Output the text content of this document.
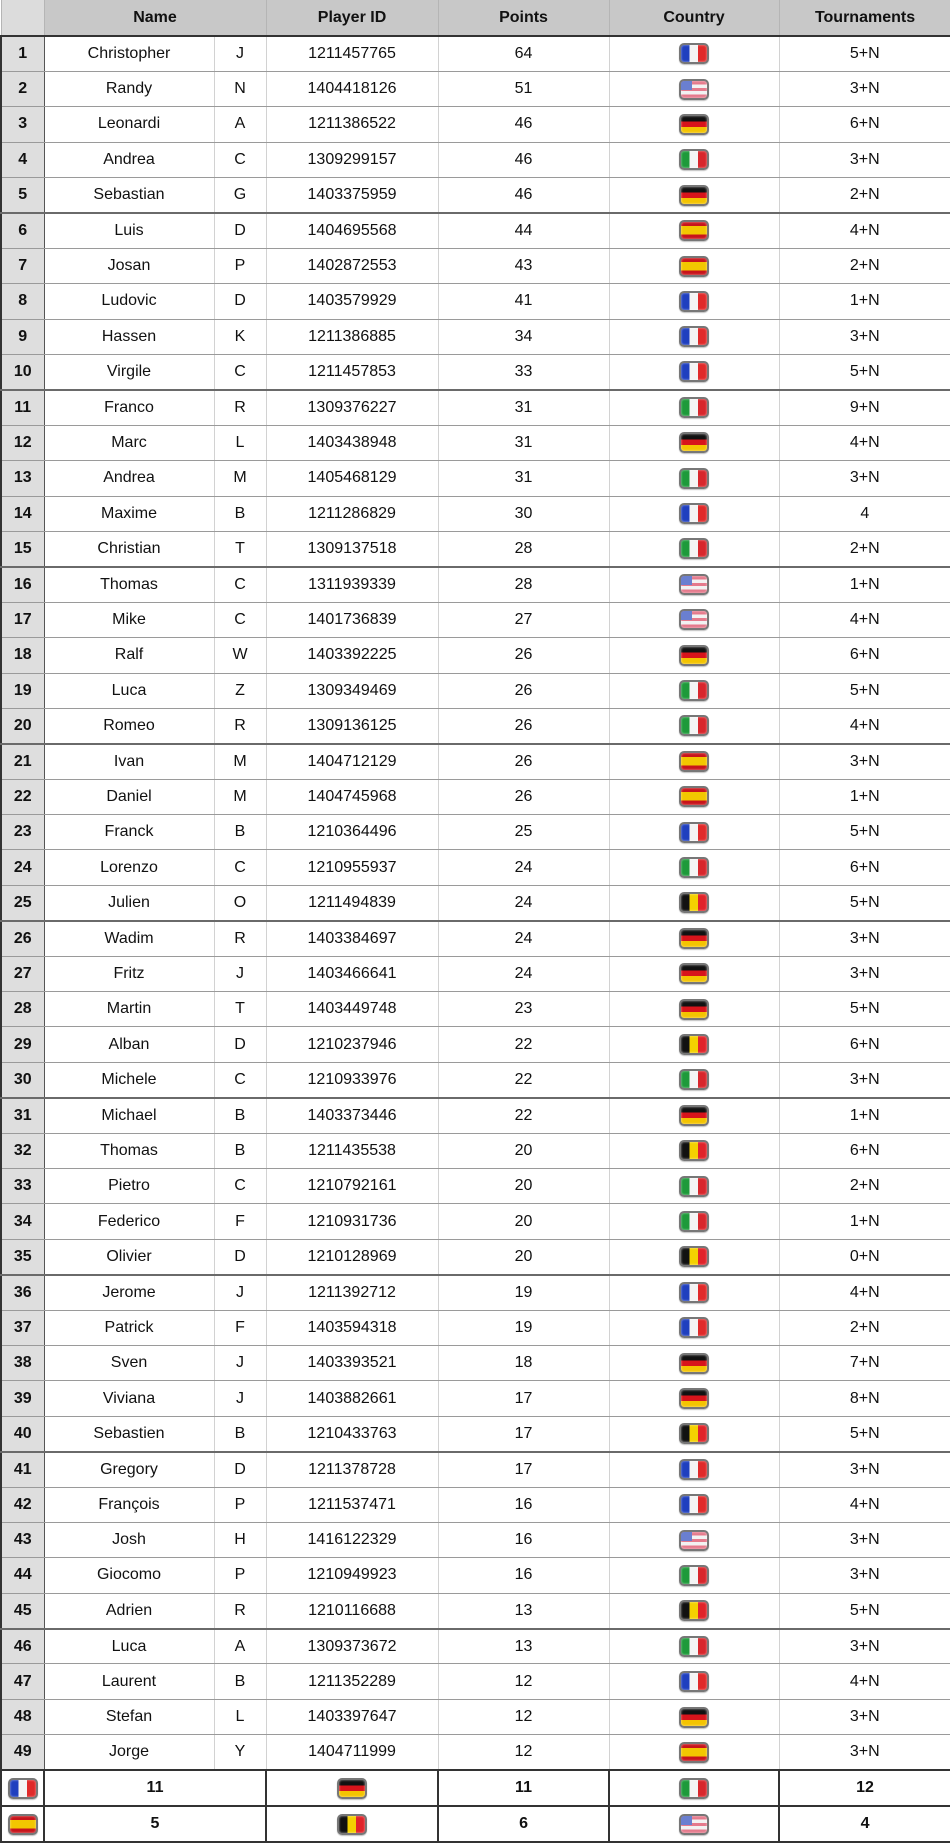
	Name		Player ID	Points	Country	Tournaments	
1	Christopher	J	1211457765	64		5+N	
2	Randy	N	1404418126	51		3+N	
3	Leonardi	A	1211386522	46		6+N	
4	Andrea	C	1309299157	46		3+N	
5	Sebastian	G	1403375959	46		2+N	
6	Luis	D	1404695568	44		4+N	
7	Josan	P	1402872553	43		2+N	
8	Ludovic	D	1403579929	41		1+N	
9	Hassen	K	1211386885	34		3+N	
10	Virgile	C	1211457853	33		5+N	
11	Franco	R	1309376227	31		9+N	
12	Marc	L	1403438948	31		4+N	
13	Andrea	M	1405468129	31		3+N	
14	Maxime	B	1211286829	30		4	
15	Christian	T	1309137518	28		2+N	
16	Thomas	C	1311939339	28		1+N	
17	Mike	C	1401736839	27		4+N	
18	Ralf	W	1403392225	26		6+N	
19	Luca	Z	1309349469	26		5+N	
20	Romeo	R	1309136125	26		4+N	
21	Ivan	M	1404712129	26		3+N	
22	Daniel	M	1404745968	26		1+N	
23	Franck	B	1210364496	25		5+N	
24	Lorenzo	C	1210955937	24		6+N	
25	Julien	O	1211494839	24		5+N	
26	Wadim	R	1403384697	24		3+N	
27	Fritz	J	1403466641	24		3+N	
28	Martin	T	1403449748	23		5+N	
29	Alban	D	1210237946	22		6+N	
30	Michele	C	1210933976	22		3+N	
31	Michael	B	1403373446	22		1+N	
32	Thomas	B	1211435538	20		6+N	
33	Pietro	C	1210792161	20		2+N	
34	Federico	F	1210931736	20		1+N	
35	Olivier	D	1210128969	20		0+N	
36	Jerome	J	1211392712	19		4+N	
37	Patrick	F	1403594318	19		2+N	
38	Sven	J	1403393521	18		7+N	
39	Viviana	J	1403882661	17		8+N	
40	Sebastien	B	1210433763	17		5+N	
41	Gregory	D	1211378728	17		3+N	
42	François	P	1211537471	16		4+N	
43	Josh	H	1416122329	16		3+N	
44	Giocomo	P	1210949923	16		3+N	
45	Adrien	R	1210116688	13		5+N	
46	Luca	A	1309373672	13		3+N	
47	Laurent	B	1211352289	12		4+N	
48	Stefan	L	1403397647	12		3+N	
49	Jorge	Y	1404711999	12		3+N	
	11			11		12	
	5			6		4	
